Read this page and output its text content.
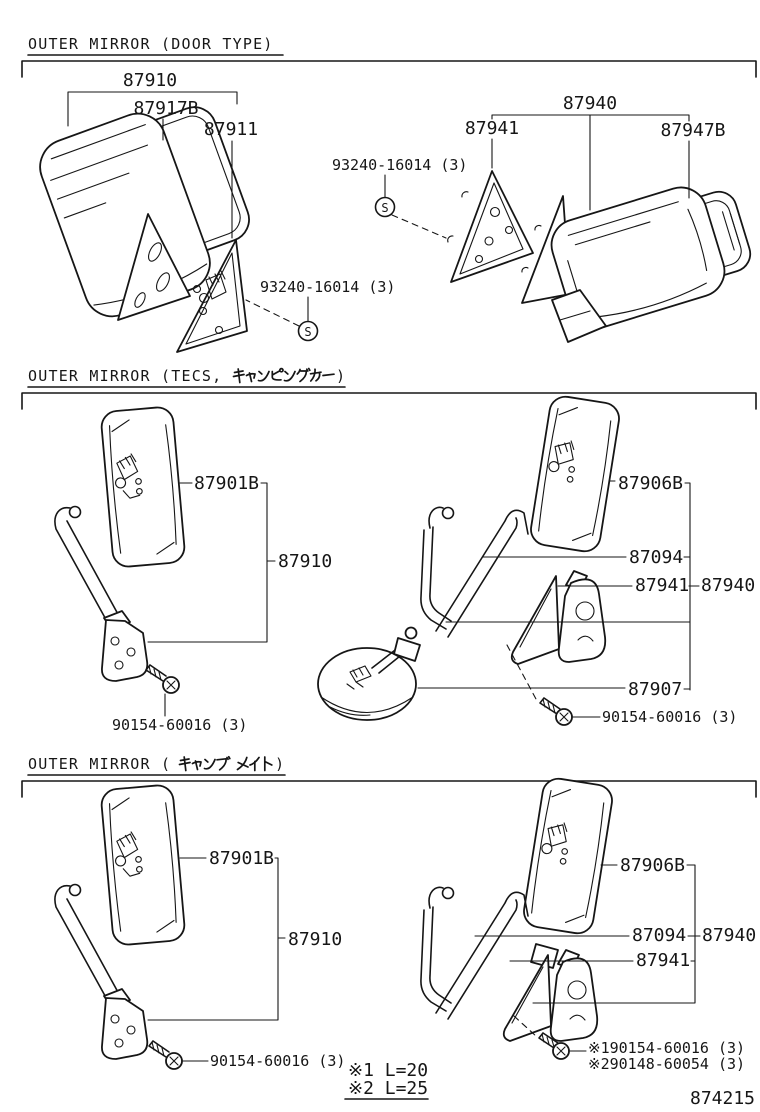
OUTER MIRROR (DOOR TYPE)
87910
87917B
87911
93240-16014 (3)
S
87940
87941	87947B
93240-16014 (3)
S
OUTER MIRROR (TECS,	)
87901B
87910
90154-60016 (3)
87906B
87094
87941 87940
87907
90154-60016 (3)
OUTER MIRROR (	)
87901B
87910
90154-60016 (3)
87906B
87094 87940
87941
※190154-60016 (3)
※290148-60054 (3)
※1 L=20
※2 L=25	874215
